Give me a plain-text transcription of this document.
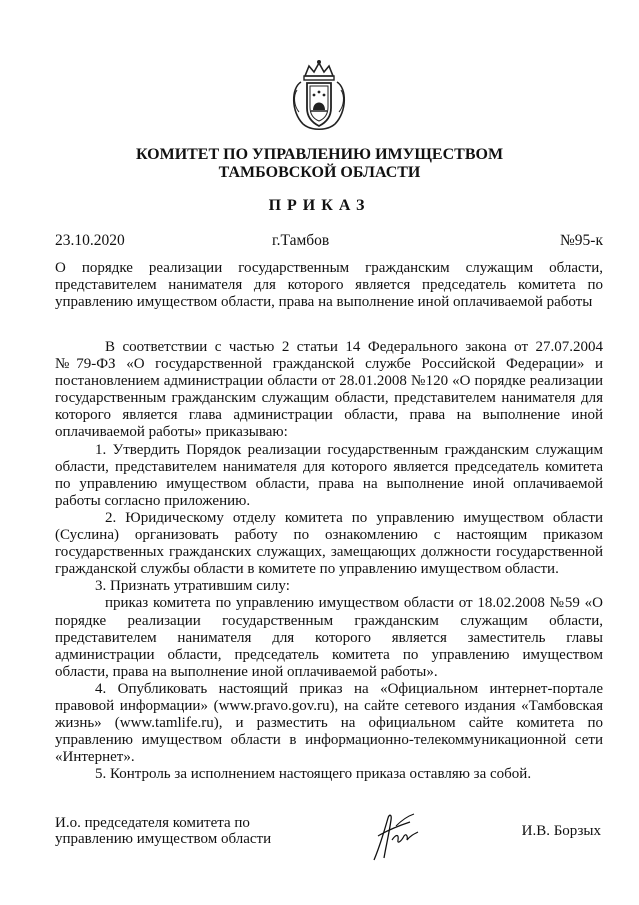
КОМИТЕТ ПО УПРАВЛЕНИЮ ИМУЩЕСТВОМ
ТАМБОВСКОЙ ОБЛАСТИ
ПРИКАЗ
23.10.2020	г.Тамбов	№95-к
О порядке реализации государственным гражданским служащим области, представителем нанимателя для которого является председатель комитета по управлению имуществом области, права на выполнение иной оплачиваемой работы

В соответствии с частью 2 статьи 14 Федерального закона от 27.07.2004 №79-ФЗ «О государственной гражданской службе Российской Федерации» и постановлением администрации области от 28.01.2008 №120 «О порядке реализации государственным гражданским служащим области, представителем нанимателя для которого является глава администрации области, права на выполнение иной оплачиваемой работы» приказываю:

1. Утвердить Порядок реализации государственным гражданским служащим области, представителем нанимателя для которого является председатель комитета по управлению имуществом области, права на выполнение иной оплачиваемой работы согласно приложению.

2. Юридическому отделу комитета по управлению имуществом области (Суслина) организовать работу по ознакомлению с настоящим приказом государственных гражданских служащих, замещающих должности государственной гражданской службы области в комитете по управлению имуществом области.

3. Признать утратившим силу:

приказ комитета по управлению имуществом области от 18.02.2008 №59 «О порядке реализации государственным гражданским служащим области, представителем нанимателя для которого является заместитель главы администрации области, председатель комитета по управлению имуществом области, права на выполнение иной оплачиваемой работы».

4. Опубликовать настоящий приказ на «Официальном интернет-портале правовой информации» (www.pravo.gov.ru), на сайте сетевого издания «Тамбовская жизнь» (www.tamlife.ru), и разместить на официальном сайте комитета по управлению имуществом области в информационно-телекоммуникационной сети «Интернет».

5. Контроль за исполнением настоящего приказа оставляю за собой.

И.о. председателя комитета по
управлению имуществом области	И.В. Борзых
